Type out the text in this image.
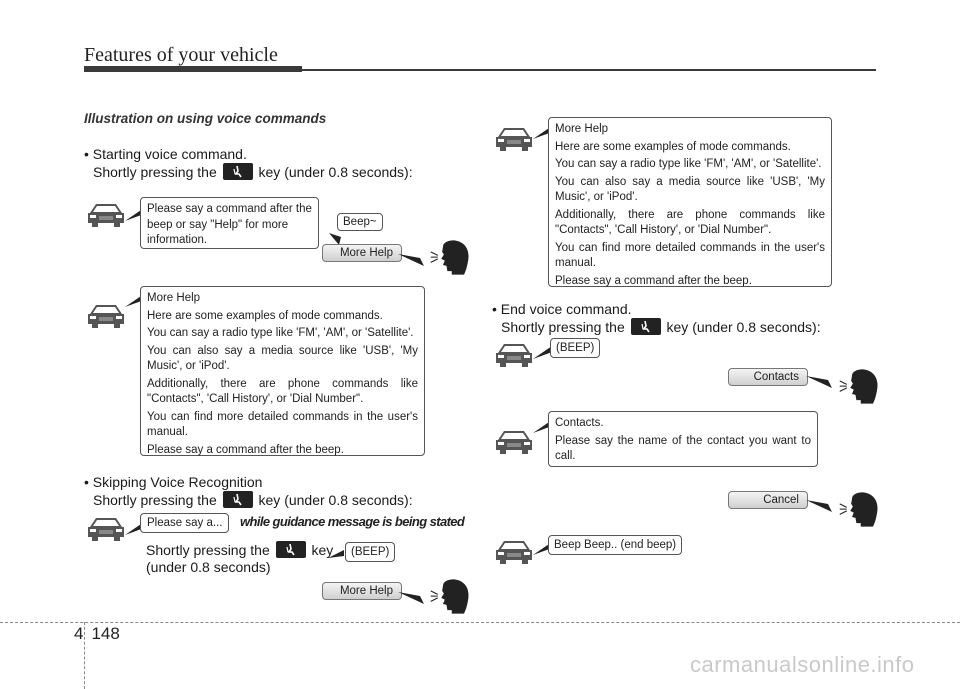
Features of your vehicle
Illustration on using voice commands
• Starting voice command.
Shortly pressing the	key (under 0.8 seconds):
Please say a command after the beep or say "Help" for more information.
Beep~
More Help

More Help

Here are some examples of mode commands.

You can say a radio type like 'FM', 'AM', or 'Satellite'.

You can also say a media source like 'USB', 'My Music', or 'iPod'.

Additionally, there are phone commands like "Contacts", 'Call History', or 'Dial Number".

You can find more detailed commands in the user's manual.

Please say a command after the beep.

• Skipping Voice Recognition
Shortly pressing the	key (under 0.8 seconds):
Please say a...	while guidance message is being stated
Shortly pressing the	key
(under 0.8 seconds)
(BEEP)
More Help

More Help

Here are some examples of mode commands.

You can say a radio type like 'FM', 'AM', or 'Satellite'.

You can also say a media source like 'USB', 'My Music', or 'iPod'.

Additionally, there are phone commands like "Contacts", 'Call History', or 'Dial Number".

You can find more detailed commands in the user's manual.

Please say a command after the beep.

• End voice command.
Shortly pressing the	key (under 0.8 seconds):
(BEEP)
Contacts

Contacts.

Please say the name of the contact you want to call.

Cancel
Beep Beep.. (end beep)
4 148
carmanualsonline.info
